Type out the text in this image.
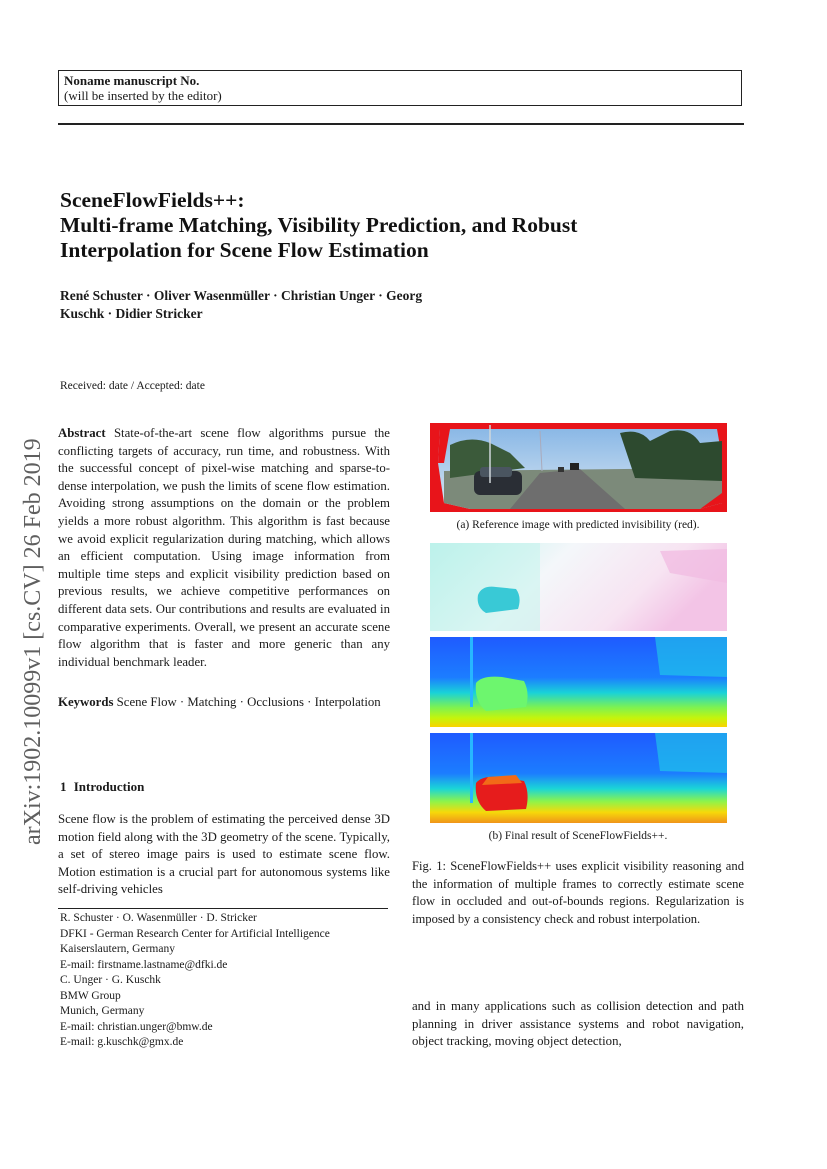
Noname manuscript No.
(will be inserted by the editor)
SceneFlowFields++:
Multi-frame Matching, Visibility Prediction, and Robust
Interpolation for Scene Flow Estimation
René Schuster · Oliver Wasenmüller · Christian Unger · Georg
Kuschk · Didier Stricker
arXiv:1902.10099v1 [cs.CV] 26 Feb 2019
Received: date / Accepted: date
Abstract State-of-the-art scene flow algorithms pursue the conflicting targets of accuracy, run time, and robustness. With the successful concept of pixel-wise matching and sparse-to-dense interpolation, we push the limits of scene flow estimation. Avoiding strong assumptions on the domain or the problem yields a more robust algorithm. This algorithm is fast because we avoid explicit regularization during matching, which allows an efficient computation. Using image information from multiple time steps and explicit visibility prediction based on previous results, we achieve competitive performances on different data sets. Our contributions and results are evaluated in comparative experiments. Overall, we present an accurate scene flow algorithm that is faster and more generic than any individual benchmark leader.
Keywords Scene Flow · Matching · Occlusions · Interpolation
1 Introduction
Scene flow is the problem of estimating the perceived dense 3D motion field along with the 3D geometry of the scene. Typically, a set of stereo image pairs is used to estimate scene flow. Motion estimation is a crucial part for autonomous systems like self-driving vehicles
R. Schuster · O. Wasenmüller · D. Stricker
DFKI - German Research Center for Artificial Intelligence
Kaiserslautern, Germany
E-mail: firstname.lastname@dfki.de
C. Unger · G. Kuschk
BMW Group
Munich, Germany
E-mail: christian.unger@bmw.de
E-mail: g.kuschk@gmx.de
(a) Reference image with predicted invisibility (red).
(b) Final result of SceneFlowFields++.
Fig. 1: SceneFlowFields++ uses explicit visibility reasoning and the information of multiple frames to correctly estimate scene flow in occluded and out-of-bounds regions. Regularization is imposed by a consistency check and robust interpolation.
and in many applications such as collision detection and path planning in driver assistance systems and robot navigation, object tracking, moving object detection,
